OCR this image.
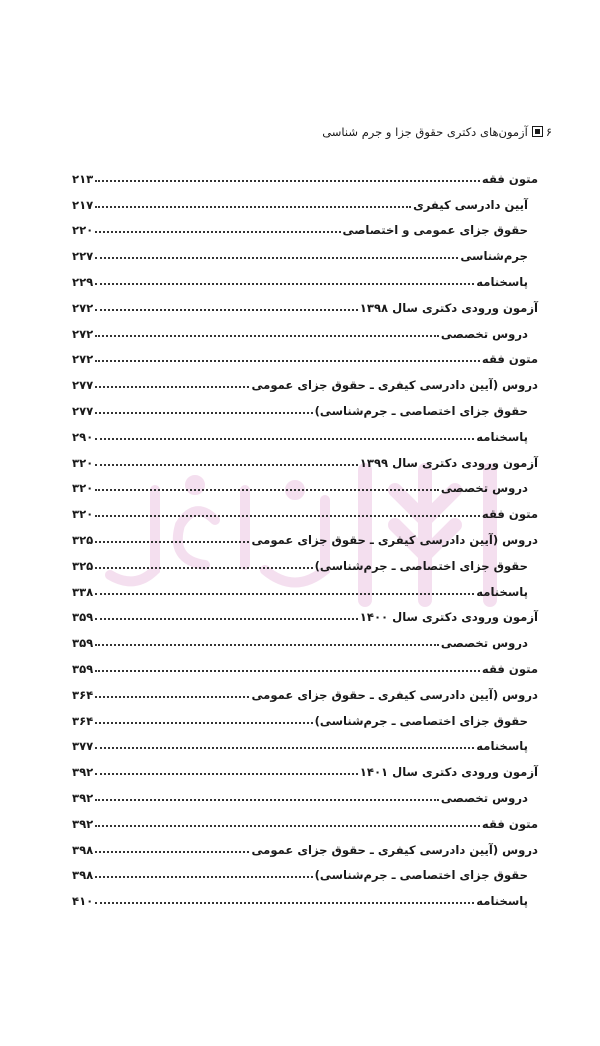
۶آزمون‌های دکتری حقوق جزا و جرم شناسی
متون فقه
۲۱۳
آیین دادرسی کیفری
۲۱۷
حقوق جزای عمومی و اختصاصی
۲۲۰
جرم‌شناسی
۲۲۷
پاسخنامه
۲۲۹
آزمون ورودی دکتری سال ۱۳۹۸
۲۷۲
دروس تخصصی
۲۷۲
متون فقه
۲۷۲
دروس (آیین دادرسی کیفری ـ حقوق جزای عمومی
۲۷۷
حقوق جزای اختصاصی ـ جرم‌شناسی)
۲۷۷
پاسخنامه
۲۹۰
آزمون ورودی دکتری سال ۱۳۹۹
۳۲۰
دروس تخصصی
۳۲۰
متون فقه
۳۲۰
دروس (آیین دادرسی کیفری ـ حقوق جزای عمومی
۳۲۵
حقوق جزای اختصاصی ـ جرم‌شناسی)
۳۲۵
پاسخنامه
۳۳۸
آزمون ورودی دکتری سال ۱۴۰۰
۳۵۹
دروس تخصصی
۳۵۹
متون فقه
۳۵۹
دروس (آیین دادرسی کیفری ـ حقوق جزای عمومی
۳۶۴
حقوق جزای اختصاصی ـ جرم‌شناسی)
۳۶۴
پاسخنامه
۳۷۷
آزمون ورودی دکتری سال ۱۴۰۱
۳۹۲
دروس تخصصی
۳۹۲
متون فقه
۳۹۲
دروس (آیین دادرسی کیفری ـ حقوق جزای عمومی
۳۹۸
حقوق جزای اختصاصی ـ جرم‌شناسی)
۳۹۸
پاسخنامه
۴۱۰
